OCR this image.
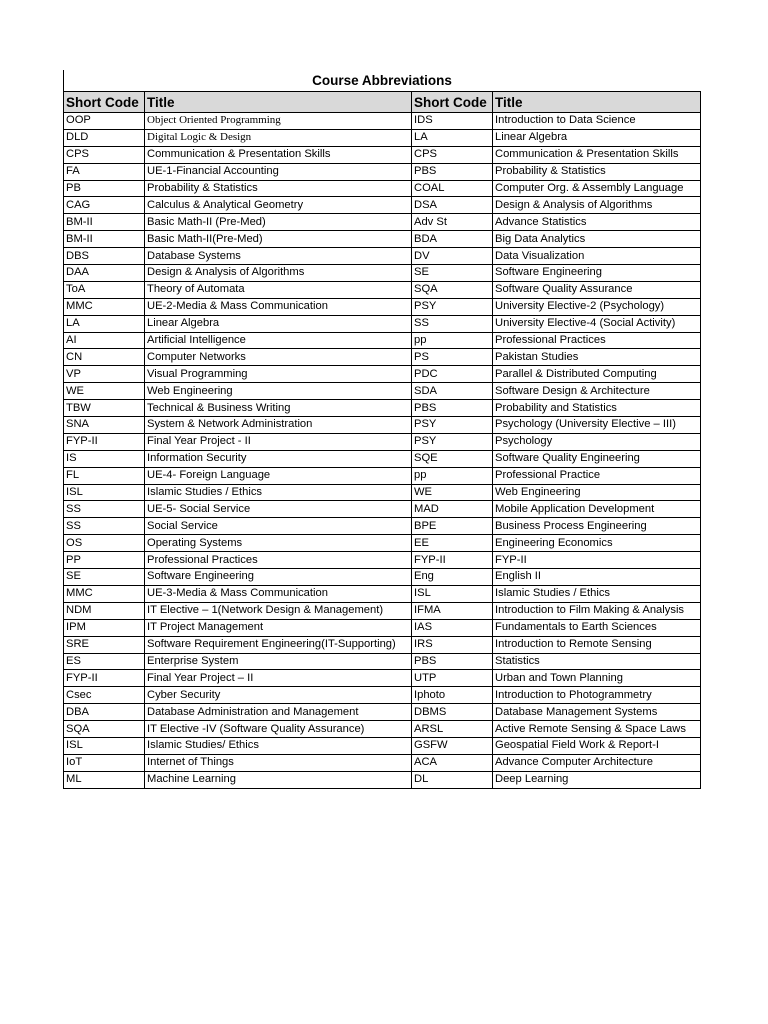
Course Abbreviations
Short Code	Title	Short Code	Title
OOP	Object Oriented Programming	IDS	Introduction to Data Science
DLD	Digital Logic & Design	LA	Linear Algebra
CPS	Communication & Presentation Skills	CPS	Communication & Presentation Skills
FA	UE-1-Financial Accounting	PBS	Probability & Statistics
PB	Probability & Statistics	COAL	Computer Org. & Assembly Language
CAG	Calculus & Analytical Geometry	DSA	Design & Analysis of Algorithms
BM-II	Basic Math-II (Pre-Med)	Adv St	Advance Statistics
BM-II	Basic Math-II(Pre-Med)	BDA	Big Data Analytics
DBS	Database Systems	DV	Data Visualization
DAA	Design & Analysis of Algorithms	SE	Software Engineering
ToA	Theory of Automata	SQA	Software Quality Assurance
MMC	UE-2-Media & Mass Communication	PSY	University Elective-2 (Psychology)
LA	Linear Algebra	SS	University Elective-4 (Social Activity)
AI	Artificial Intelligence	pp	Professional Practices
CN	Computer Networks	PS	Pakistan Studies
VP	Visual Programming	PDC	Parallel & Distributed Computing
WE	Web Engineering	SDA	Software Design & Architecture
TBW	Technical & Business Writing	PBS	Probability and Statistics
SNA	System & Network Administration	PSY	Psychology (University Elective – III)
FYP-II	Final Year Project - II	PSY	Psychology
IS	Information Security	SQE	Software Quality Engineering
FL	UE-4- Foreign Language	pp	Professional Practice
ISL	Islamic Studies / Ethics	WE	Web Engineering
SS	UE-5- Social Service	MAD	Mobile Application Development
SS	Social Service	BPE	Business Process Engineering
OS	Operating Systems	EE	Engineering Economics
PP	Professional Practices	FYP-II	FYP-II
SE	Software Engineering	Eng	English II
MMC	UE-3-Media & Mass Communication	ISL	Islamic Studies / Ethics
NDM	IT Elective – 1(Network Design & Management)	IFMA	Introduction to Film Making & Analysis
IPM	IT Project Management	IAS	Fundamentals to Earth Sciences
SRE	Software Requirement Engineering(IT-Supporting)	IRS	Introduction to Remote Sensing
ES	Enterprise System	PBS	Statistics
FYP-II	Final Year Project – II	UTP	Urban and Town Planning
Csec	Cyber Security	Iphoto	Introduction to Photogrammetry
DBA	Database Administration and Management	DBMS	Database Management Systems
SQA	IT Elective -IV (Software Quality Assurance)	ARSL	Active Remote Sensing & Space Laws
ISL	Islamic Studies/ Ethics	GSFW	Geospatial Field Work & Report-I
IoT	Internet of Things	ACA	Advance Computer Architecture
ML	Machine Learning	DL	Deep Learning
